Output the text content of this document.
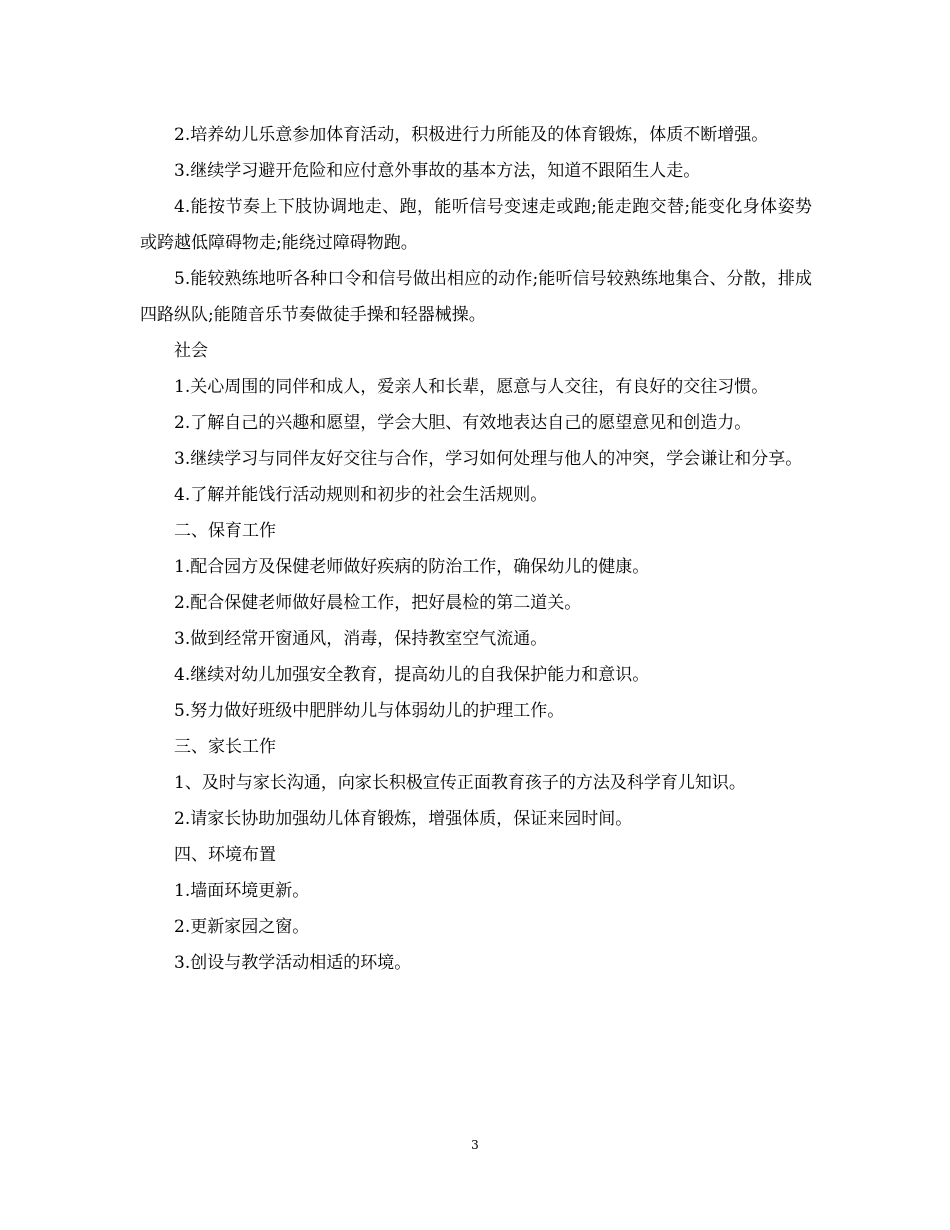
2.培养幼儿乐意参加体育活动，积极进行力所能及的体育锻炼，体质不断增强。

3.继续学习避开危险和应付意外事故的基本方法，知道不跟陌生人走。

4.能按节奏上下肢协调地走、跑，能听信号变速走或跑;能走跑交替;能变化身体姿势或跨越低障碍物走;能绕过障碍物跑。

5.能较熟练地听各种口令和信号做出相应的动作;能听信号较熟练地集合、分散，排成四路纵队;能随音乐节奏做徒手操和轻器械操。

社会

1.关心周围的同伴和成人，爱亲人和长辈，愿意与人交往，有良好的交往习惯。

2.了解自己的兴趣和愿望，学会大胆、有效地表达自己的愿望意见和创造力。

3.继续学习与同伴友好交往与合作，学习如何处理与他人的冲突，学会谦让和分享。

4.了解并能饯行活动规则和初步的社会生活规则。

二、保育工作

1.配合园方及保健老师做好疾病的防治工作，确保幼儿的健康。

2.配合保健老师做好晨检工作，把好晨检的第二道关。

3.做到经常开窗通风，消毒，保持教室空气流通。

4.继续对幼儿加强安全教育，提高幼儿的自我保护能力和意识。

5.努力做好班级中肥胖幼儿与体弱幼儿的护理工作。

三、家长工作

1、及时与家长沟通，向家长积极宣传正面教育孩子的方法及科学育儿知识。

2.请家长协助加强幼儿体育锻炼，增强体质，保证来园时间。

四、环境布置

1.墙面环境更新。

2.更新家园之窗。

3.创设与教学活动相适的环境。

3
